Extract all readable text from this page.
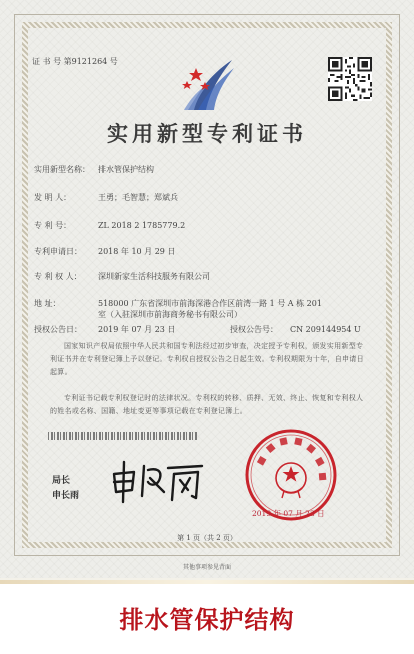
证 书 号 第9121264 号
实用新型专利证书
实用新型名称： 排水管保护结构
发 明 人：	王勇；毛智慧；郑斌兵
专 利 号：	ZL 2018 2 1785779.2
专利申请日： 2018 年 10 月 29 日
专 利 权 人： 深圳新家生活科技服务有限公司
地 址：	518000 广东省深圳市前海深港合作区前湾一路 1 号 A 栋 201
室（入驻深圳市前海商务秘书有限公司）
授权公告日： 2019 年 07 月 23 日	授权公告号： CN 209144954 U
国家知识产权局依照中华人民共和国专利法经过初步审查，决定授予专利权，颁发实用新型专利证书并在专利登记簿上予以登记。专利权自授权公告之日起生效。专利权期限为十年，自申请日起算。
专利证书记载专利权登记时的法律状况。专利权的转移、质押、无效、终止、恢复和专利权人的姓名或名称、国籍、地址变更等事项记载在专利登记簿上。
局长
申长雨
2019 年 07 月 23 日
第 1 页（共 2 页）
其他事项参见背面
排水管保护结构
